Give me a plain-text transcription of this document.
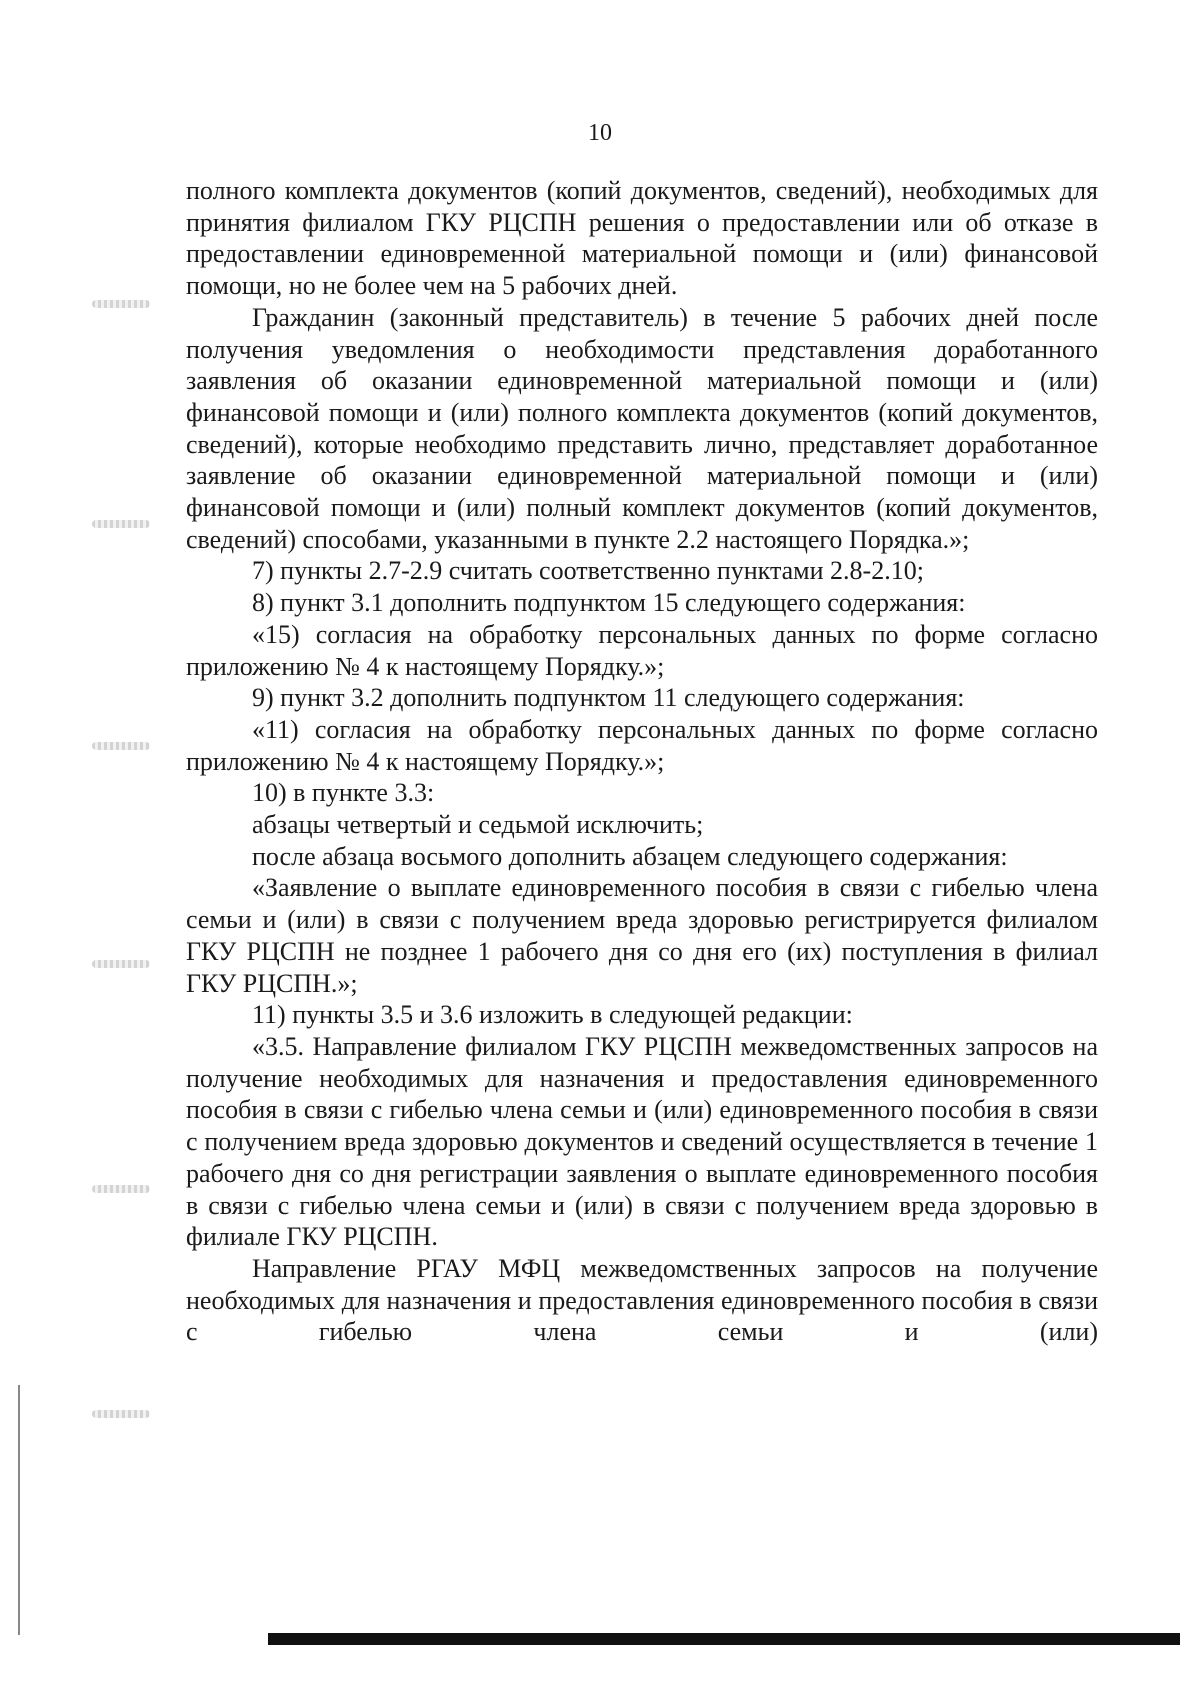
10

полного комплекта документов (копий документов, сведений), необходимых для принятия филиалом ГКУ РЦСПН решения о предоставлении или об отказе в предоставлении единовременной материальной помощи и (или) финансовой помощи, но не более чем на 5 рабочих дней.

Гражданин (законный представитель) в течение 5 рабочих дней после получения уведомления о необходимости представления доработанного заявления об оказании единовременной материальной помощи и (или) финансовой помощи и (или) полного комплекта документов (копий документов, сведений), которые необходимо представить лично, представляет доработанное заявление об оказании единовременной материальной помощи и (или) финансовой помощи и (или) полный комплект документов (копий документов, сведений) способами, указанными в пункте 2.2 настоящего Порядка.»;

7) пункты 2.7-2.9 считать соответственно пунктами 2.8-2.10;

8) пункт 3.1 дополнить подпунктом 15 следующего содержания:

«15) согласия на обработку персональных данных по форме согласно приложению № 4 к настоящему Порядку.»;

9) пункт 3.2 дополнить подпунктом 11 следующего содержания:

«11) согласия на обработку персональных данных по форме согласно приложению № 4 к настоящему Порядку.»;

10) в пункте 3.3:

абзацы четвертый и седьмой исключить;

после абзаца восьмого дополнить абзацем следующего содержания:

«Заявление о выплате единовременного пособия в связи с гибелью члена семьи и (или) в связи с получением вреда здоровью регистрируется филиалом ГКУ РЦСПН не позднее 1 рабочего дня со дня его (их) поступления в филиал ГКУ РЦСПН.»;

11) пункты 3.5 и 3.6 изложить в следующей редакции:

«3.5. Направление филиалом ГКУ РЦСПН межведомственных запросов на получение необходимых для назначения и предоставления единовременного пособия в связи с гибелью члена семьи и (или) единовременного пособия в связи с получением вреда здоровью документов и сведений осуществляется в течение 1 рабочего дня со дня регистрации заявления о выплате единовременного пособия в связи с гибелью члена семьи и (или) в связи с получением вреда здоровью в филиале ГКУ РЦСПН.

Направление РГАУ МФЦ межведомственных запросов на получение необходимых для назначения и предоставления единовременного пособия в связи с гибелью члена семьи и (или)
